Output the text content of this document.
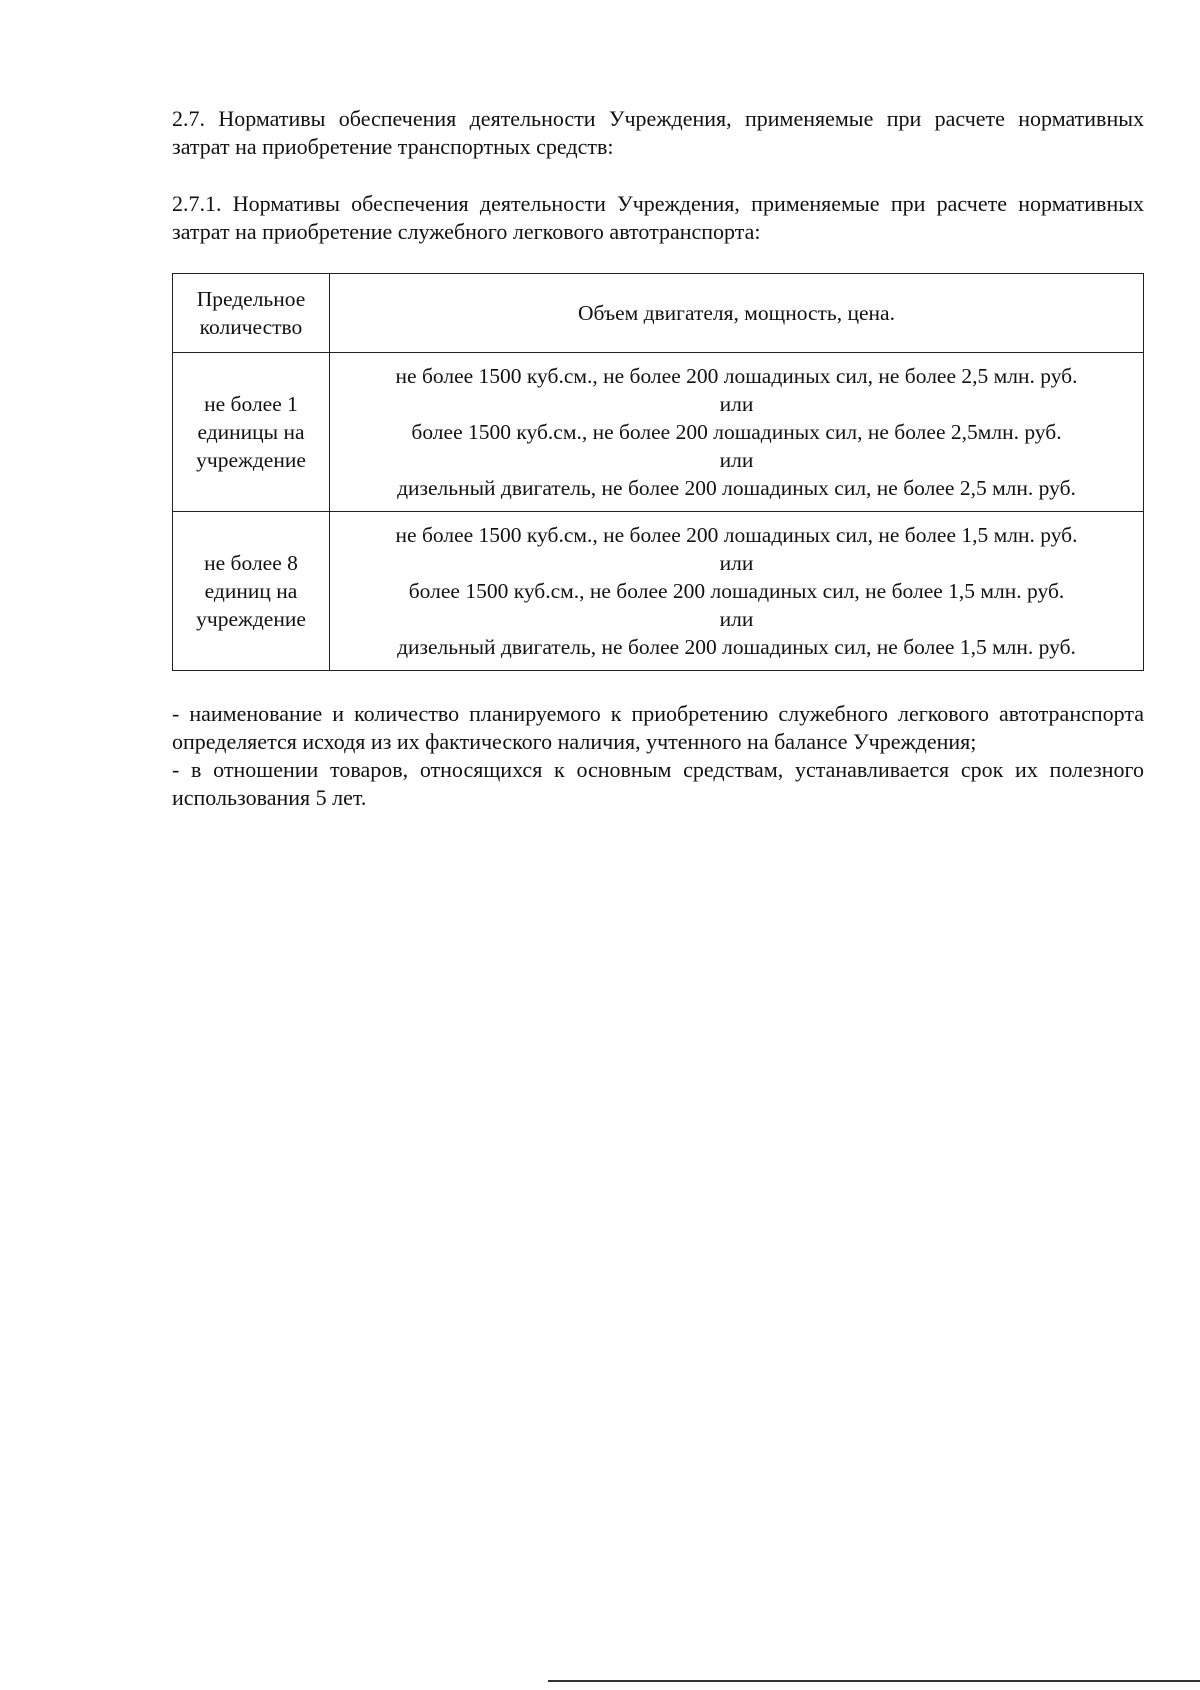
2.7. Нормативы обеспечения деятельности Учреждения, применяемые при расчете нормативных затрат на приобретение транспортных средств:

2.7.1. Нормативы обеспечения деятельности Учреждения, применяемые при расчете нормативных затрат на приобретение служебного легкового автотранспорта:

Предельное количество	Объем двигателя, мощность, цена.
не более 1 единицы на учреждение	не более 1500 куб.см., не более 200 лошадиных сил, не более 2,5 млн. руб.
или
более 1500 куб.см., не более 200 лошадиных сил, не более 2,5млн. руб.
или
дизельный двигатель, не более 200 лошадиных сил, не более 2,5 млн. руб.

не более 8 единиц на учреждение	не более 1500 куб.см., не более 200 лошадиных сил, не более 1,5 млн. руб.
или
более 1500 куб.см., не более 200 лошадиных сил, не более 1,5 млн. руб.
или
дизельный двигатель, не более 200 лошадиных сил, не более 1,5 млн. руб.

- наименование и количество планируемого к приобретению служебного легкового автотранспорта определяется исходя из их фактического наличия, учтенного на балансе Учреждения;

- в отношении товаров, относящихся к основным средствам, устанавливается срок их полезного использования 5 лет.
